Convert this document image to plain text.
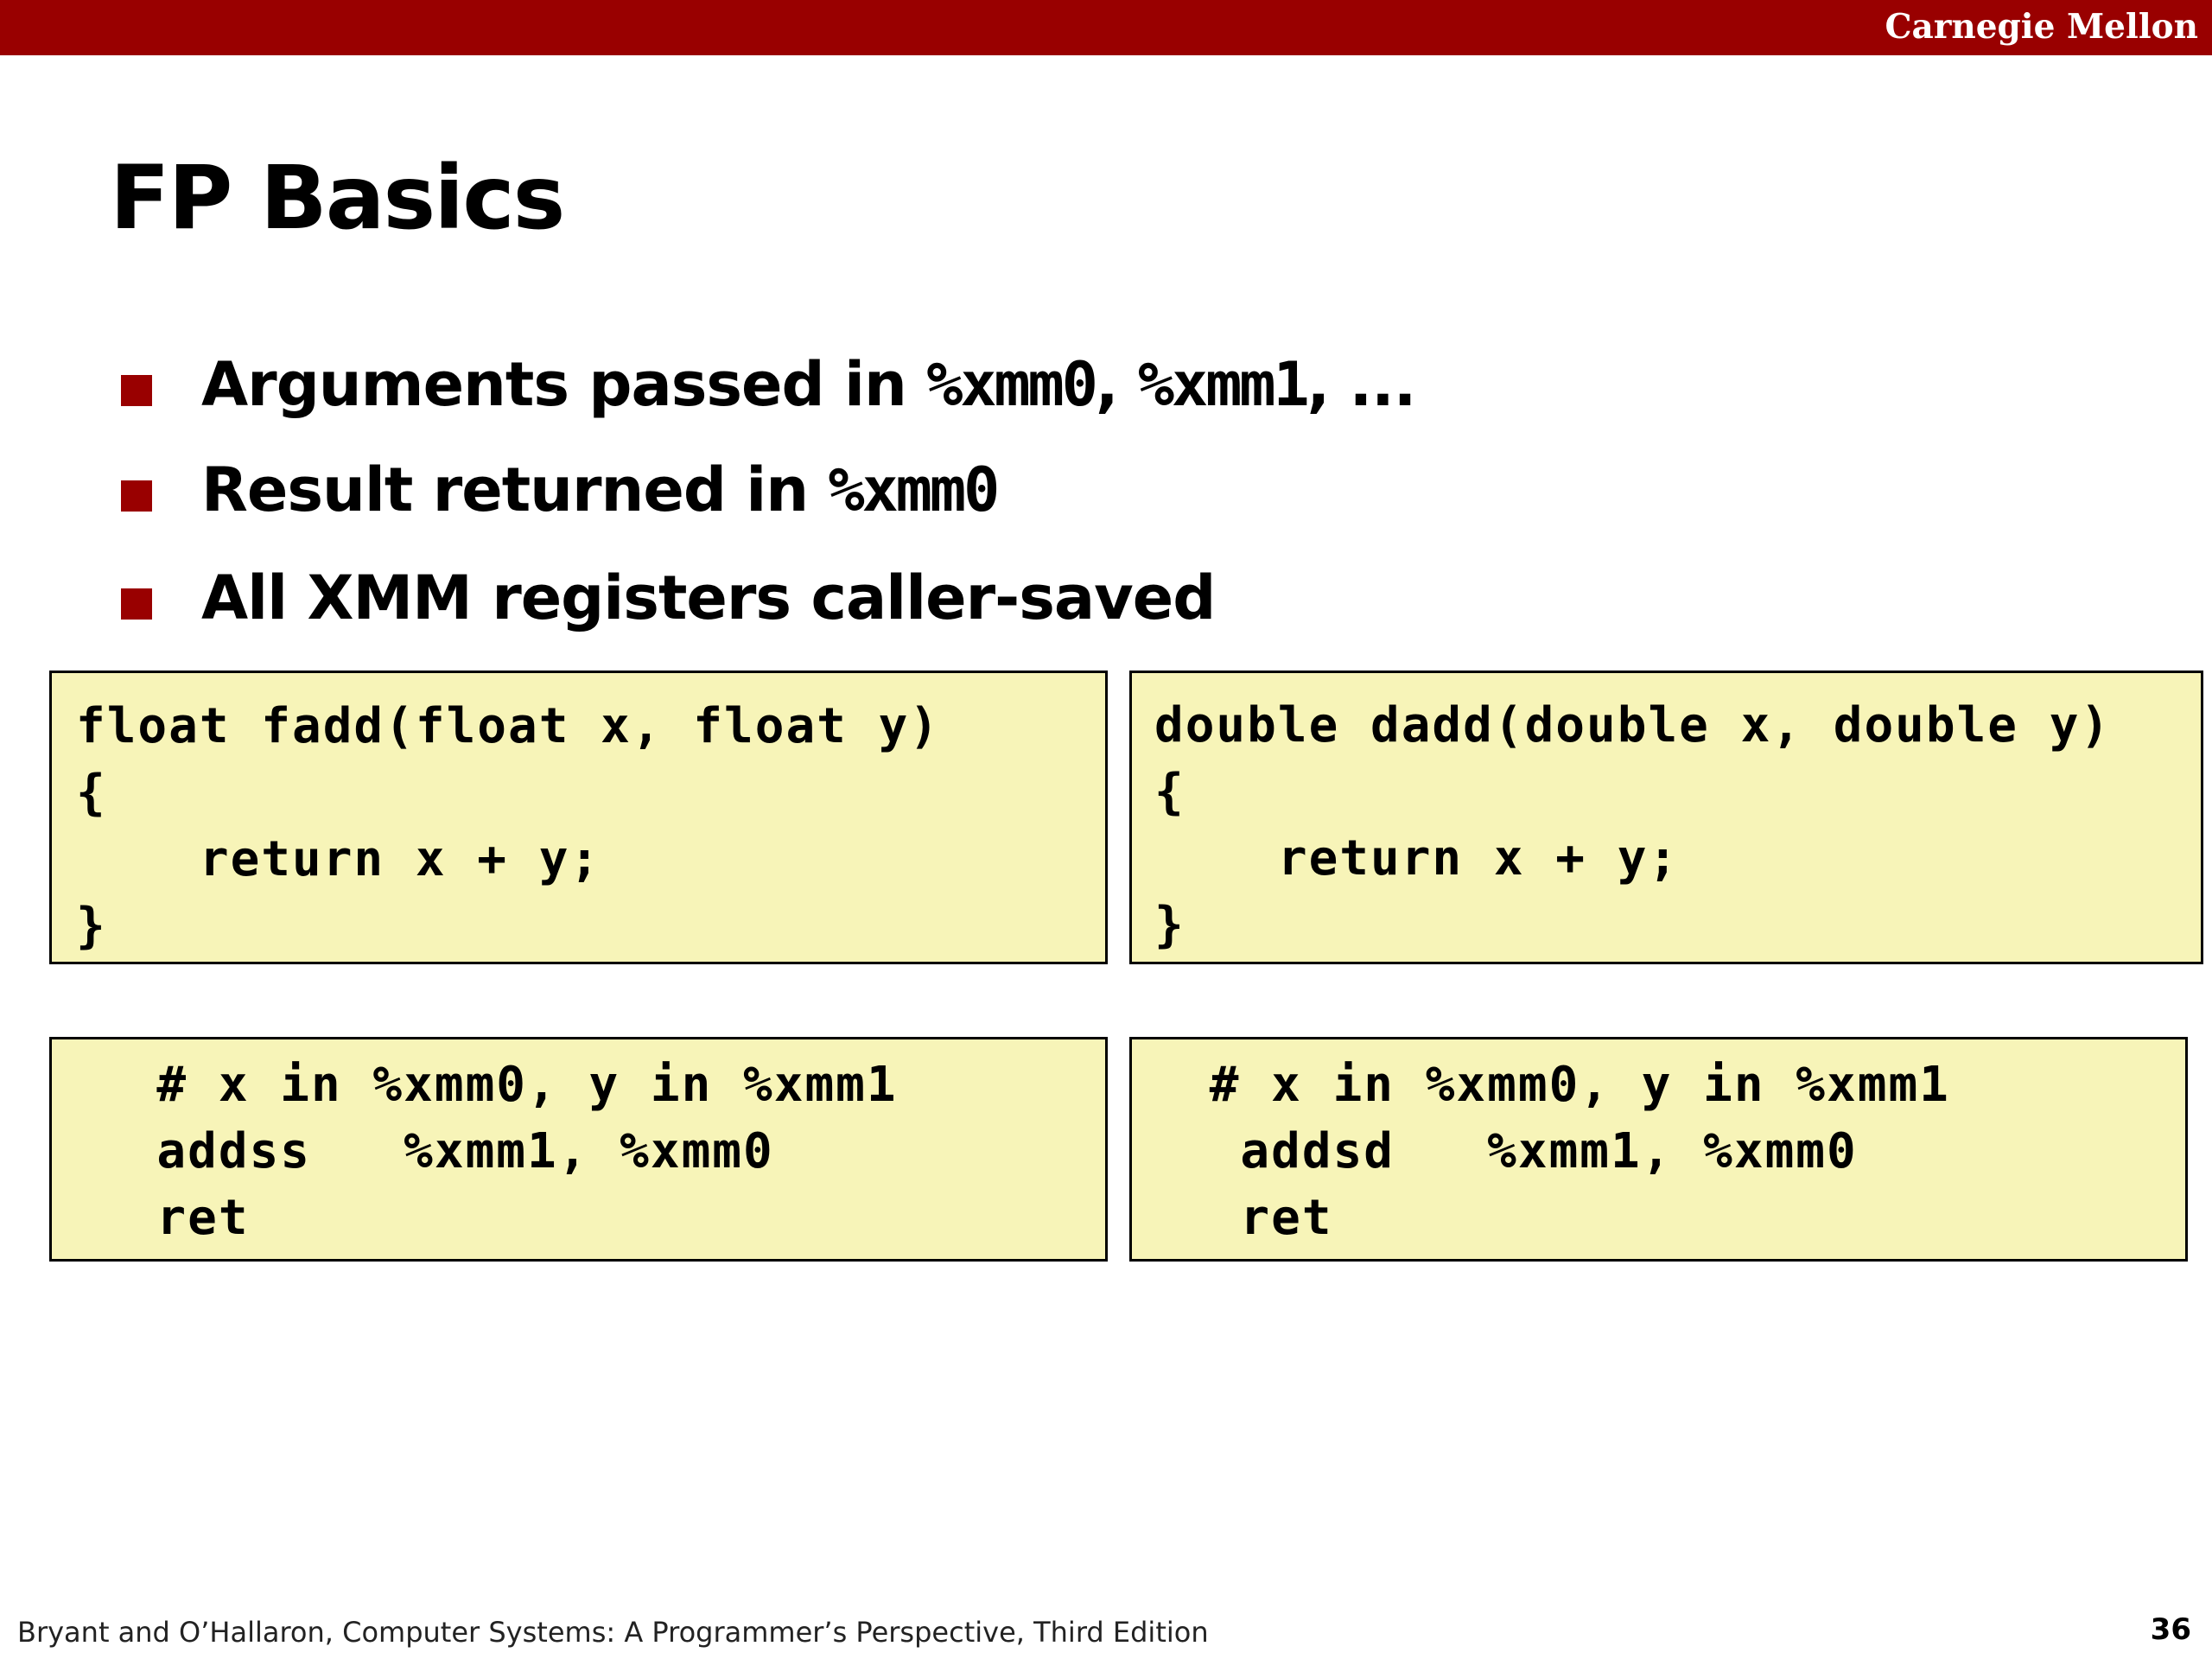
Carnegie Mellon
FP Basics
Arguments passed in %xmm0, %xmm1, ...
Result returned in %xmm0
All XMM registers caller-saved
float fadd(float x, float y)
{
return x + y;
}
double dadd(double x, double y)
{
return x + y;
}
# x in %xmm0, y in %xmm1
addss   %xmm1, %xmm0
ret
# x in %xmm0, y in %xmm1
addsd   %xmm1, %xmm0
ret
Bryant and O’Hallaron, Computer Systems: A Programmer’s Perspective, Third Edition	36
